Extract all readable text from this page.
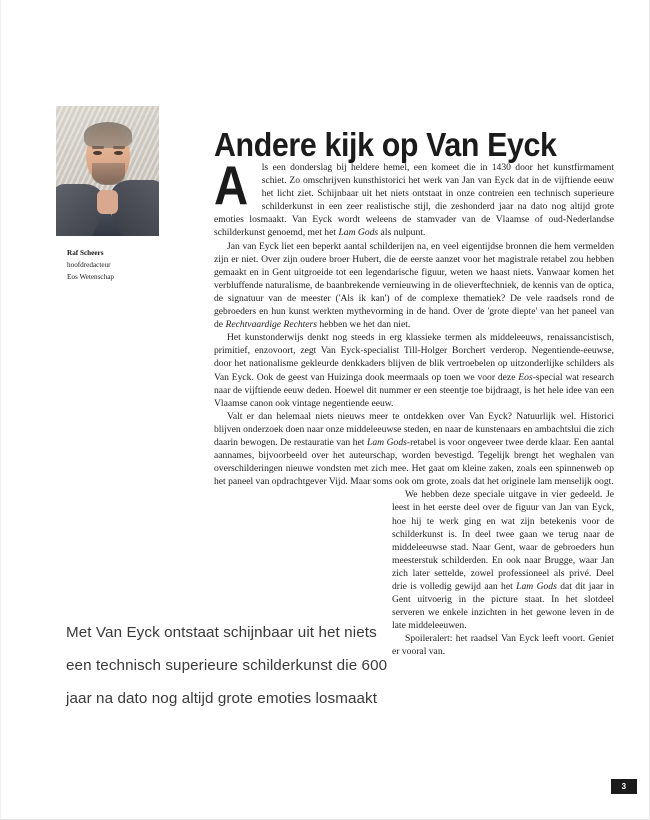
Raf Scheers
hoofdredacteur
Eos Wetenschap
Andere kijk op Van Eyck

A	ls een donderslag bij heldere hemel, een komeet die in 1430 door het kunstfirmament schiet. Zo omschrijven kunsthistorici het werk van Jan van Eyck dat in de vijftiende eeuw het licht ziet. Schijnbaar uit het niets ontstaat in onze contreien een technisch superieure schilderkunst in een zeer realistische stijl, die zeshonderd jaar na dato nog altijd grote emoties losmaakt. Van Eyck wordt weleens de stamvader van de Vlaamse of oud-Nederlandse schilderkunst genoemd, met het Lam Gods als nulpunt.

Jan van Eyck liet een beperkt aantal schilderijen na, en veel eigentijdse bronnen die hem vermelden zijn er niet. Over zijn oudere broer Hubert, die de eerste aanzet voor het magistrale retabel zou hebben gemaakt en in Gent uitgroeide tot een legendarische figuur, weten we haast niets. Vanwaar komen het verbluffende naturalisme, de baanbrekende vernieuwing in de olieverftechniek, de kennis van de optica, de signatuur van de meester ('Als ik kan') of de complexe thematiek? De vele raadsels rond de gebroeders en hun kunst werkten mythevorming in de hand. Over de 'grote diepte' van het paneel van de Rechtvaardige Rechters hebben we het dan niet.

Het kunstonderwijs denkt nog steeds in erg klassieke termen als middeleeuws, renaissancistisch, primitief, enzovoort, zegt Van Eyck-specialist Till-Holger Borchert verderop. Negentiende-eeuwse, door het nationalisme gekleurde denkkaders blijven de blik vertroebelen op uitzonderlijke schilders als Van Eyck. Ook de geest van Huizinga dook meermaals op toen we voor deze Eos-special wat research naar de vijftiende eeuw deden. Hoewel dit nummer er een steentje toe bijdraagt, is het hele idee van een Vlaamse canon ook vintage negentiende eeuw.

Valt er dan helemaal niets nieuws meer te ontdekken over Van Eyck? Natuurlijk wel. Historici blijven onderzoek doen naar onze middeleeuwse steden, en naar de kunstenaars en ambachtslui die zich daarin bewogen. De restauratie van het Lam Gods-retabel is voor ongeveer twee derde klaar. Een aantal aannames, bijvoorbeeld over het auteurschap, worden bevestigd. Tegelijk brengt het weghalen van overschilderingen nieuwe vondsten met zich mee. Het gaat om kleine zaken, zoals een spinnenweb op het paneel van opdrachtgever Vijd. Maar soms ook om grote, zoals dat het originele lam menselijk oogt.

We hebben deze speciale uitgave in vier gedeeld. Je leest in het eerste deel over de figuur van Jan van Eyck, hoe hij te werk ging en wat zijn betekenis voor de schilderkunst is. In deel twee gaan we terug naar de middeleeuwse stad. Naar Gent, waar de gebroeders hun meesterstuk schilderden. En ook naar Brugge, waar Jan zich later settelde, zowel professioneel als privé. Deel drie is volledig gewijd aan het Lam Gods dat dit jaar in Gent uitvoerig in the picture staat. In het slotdeel serveren we enkele inzichten in het gewone leven in de late middeleeuwen.

Spoileralert: het raadsel Van Eyck leeft voort. Geniet er vooral van.

Met Van Eyck ontstaat schijnbaar uit het niets een technisch superieure schilderkunst die 600 jaar na dato nog altijd grote emoties losmaakt
3
